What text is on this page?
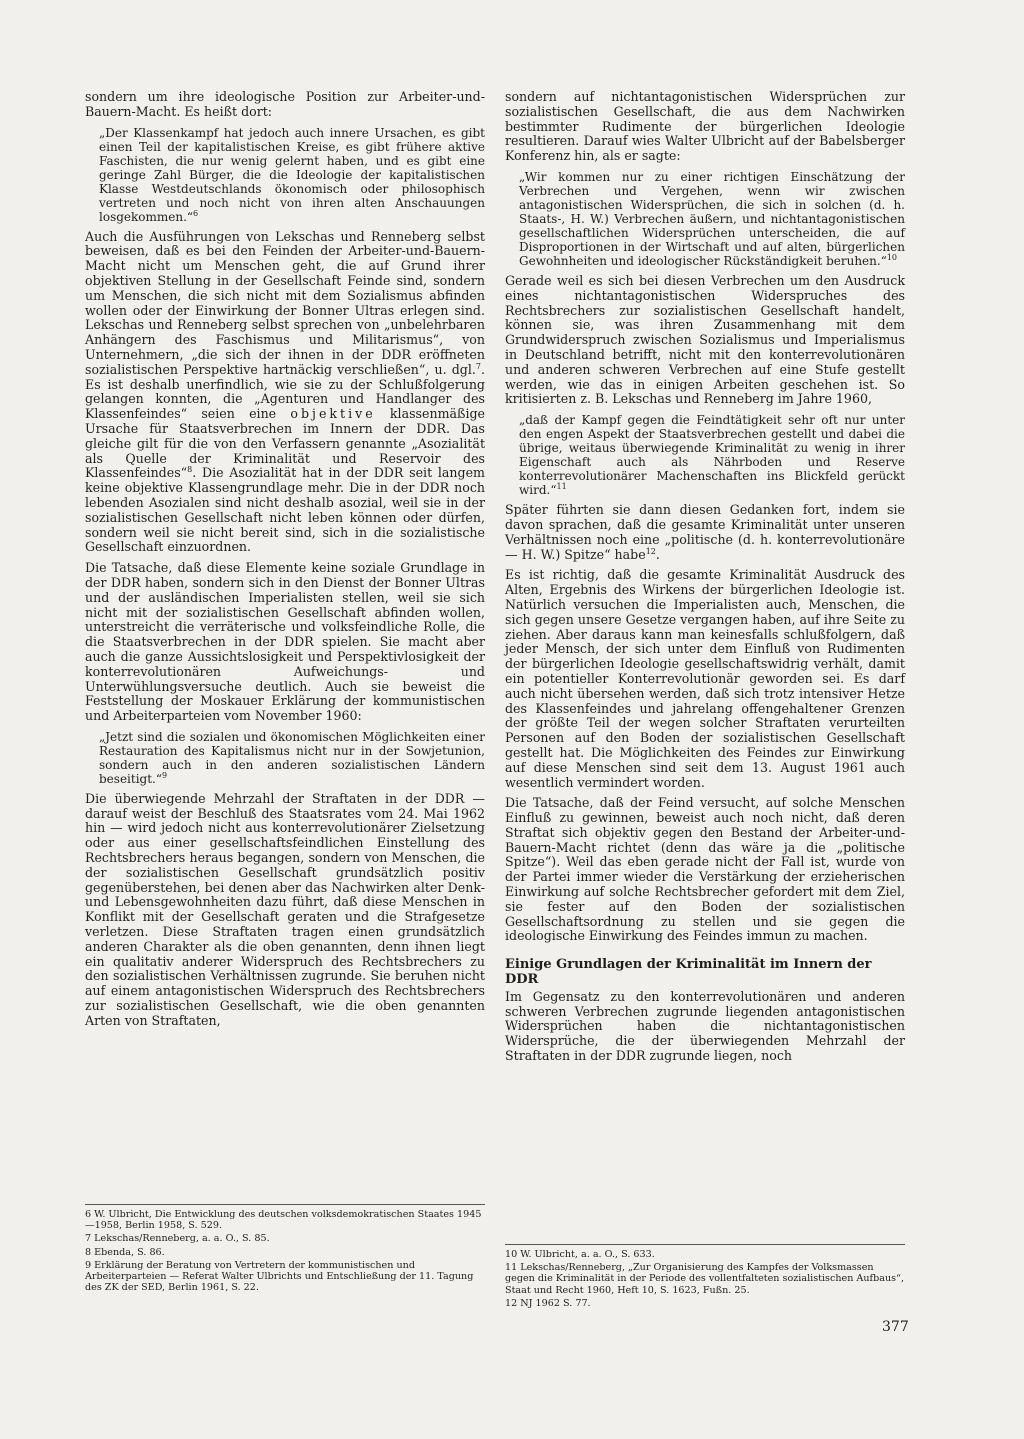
sondern um ihre ideologische Position zur Arbeiter-und-Bauern-Macht. Es heißt dort:

„Der Klassenkampf hat jedoch auch innere Ursachen, es gibt einen Teil der kapitalistischen Kreise, es gibt frühere aktive Faschisten, die nur wenig gelernt haben, und es gibt eine geringe Zahl Bürger, die die Ideologie der kapitalistischen Klasse Westdeutschlands ökonomisch oder philosophisch vertreten und noch nicht von ihren alten Anschauungen losgekommen.“$^6$

Auch die Ausführungen von Lekschas und Renneberg selbst beweisen, daß es bei den Feinden der Arbeiter-und-Bauern-Macht nicht um Menschen geht, die auf Grund ihrer objektiven Stellung in der Gesellschaft Feinde sind, sondern um Menschen, die sich nicht mit dem Sozialismus abfinden wollen oder der Einwirkung der Bonner Ultras erlegen sind. Lekschas und Renneberg selbst sprechen von „unbelehrbaren Anhängern des Faschismus und Militarismus“, von Unternehmern, „die sich der ihnen in der DDR eröffneten sozialistischen Perspektive hartnäckig verschließen“, u. dgl.$^7$. Es ist deshalb unerfindlich, wie sie zu der Schlußfolgerung gelangen konnten, die „Agenturen und Handlanger des Klassenfeindes“ seien eine objektive klassenmäßige Ursache für Staatsverbrechen im Innern der DDR. Das gleiche gilt für die von den Verfassern genannte „Asozialität als Quelle der Kriminalität und Reservoir des Klassenfeindes“$^8$. Die Asozialität hat in der DDR seit langem keine objektive Klassengrundlage mehr. Die in der DDR noch lebenden Asozialen sind nicht deshalb asozial, weil sie in der sozialistischen Gesellschaft nicht leben können oder dürfen, sondern weil sie nicht bereit sind, sich in die sozialistische Gesellschaft einzuordnen.

Die Tatsache, daß diese Elemente keine soziale Grundlage in der DDR haben, sondern sich in den Dienst der Bonner Ultras und der ausländischen Imperialisten stellen, weil sie sich nicht mit der sozialistischen Gesellschaft abfinden wollen, unterstreicht die verräterische und volksfeindliche Rolle, die die Staatsverbrechen in der DDR spielen. Sie macht aber auch die ganze Aussichtslosigkeit und Perspektivlosigkeit der konterrevolutionären Aufweichungs- und Unterwühlungsversuche deutlich. Auch sie beweist die Feststellung der Moskauer Erklärung der kommunistischen und Arbeiterparteien vom November 1960:

„Jetzt sind die sozialen und ökonomischen Möglichkeiten einer Restauration des Kapitalismus nicht nur in der Sowjetunion, sondern auch in den anderen sozialistischen Ländern beseitigt.“$^9$

Die überwiegende Mehrzahl der Straftaten in der DDR — darauf weist der Beschluß des Staatsrates vom 24. Mai 1962 hin — wird jedoch nicht aus konterrevolutionärer Zielsetzung oder aus einer gesellschaftsfeindlichen Einstellung des Rechtsbrechers heraus begangen, sondern von Menschen, die der sozialistischen Gesellschaft grundsätzlich positiv gegenüberstehen, bei denen aber das Nachwirken alter Denk- und Lebensgewohnheiten dazu führt, daß diese Menschen in Konflikt mit der Gesellschaft geraten und die Strafgesetze verletzen. Diese Straftaten tragen einen grundsätzlich anderen Charakter als die oben genannten, denn ihnen liegt ein qualitativ anderer Widerspruch des Rechtsbrechers zu den sozialistischen Verhältnissen zugrunde. Sie beruhen nicht auf einem antagonistischen Widerspruch des Rechtsbrechers zur sozialistischen Gesellschaft, wie die oben genannten Arten von Straftaten,

sondern auf nichtantagonistischen Widersprüchen zur sozialistischen Gesellschaft, die aus dem Nachwirken bestimmter Rudimente der bürgerlichen Ideologie resultieren. Darauf wies Walter Ulbricht auf der Babelsberger Konferenz hin, als er sagte:

„Wir kommen nur zu einer richtigen Einschätzung der Verbrechen und Vergehen, wenn wir zwischen antagonistischen Widersprüchen, die sich in solchen (d. h. Staats-, H. W.) Verbrechen äußern, und nichtantagonistischen gesellschaftlichen Widersprüchen unterscheiden, die auf Disproportionen in der Wirtschaft und auf alten, bürgerlichen Gewohnheiten und ideologischer Rückständigkeit beruhen.“$^{10}$

Gerade weil es sich bei diesen Verbrechen um den Ausdruck eines nichtantagonistischen Widerspruches des Rechtsbrechers zur sozialistischen Gesellschaft handelt, können sie, was ihren Zusammenhang mit dem Grundwiderspruch zwischen Sozialismus und Imperialismus in Deutschland betrifft, nicht mit den konterrevolutionären und anderen schweren Verbrechen auf eine Stufe gestellt werden, wie das in einigen Arbeiten geschehen ist. So kritisierten z. B. Lekschas und Renneberg im Jahre 1960,

„daß der Kampf gegen die Feindtätigkeit sehr oft nur unter den engen Aspekt der Staatsverbrechen gestellt und dabei die übrige, weitaus überwiegende Kriminalität zu wenig in ihrer Eigenschaft auch als Nährboden und Reserve konterrevolutionärer Machenschaften ins Blickfeld gerückt wird.“$^{11}$

Später führten sie dann diesen Gedanken fort, indem sie davon sprachen, daß die gesamte Kriminalität unter unseren Verhältnissen noch eine „politische (d. h. konterrevolutionäre — H. W.) Spitze“ habe$^{12}$.

Es ist richtig, daß die gesamte Kriminalität Ausdruck des Alten, Ergebnis des Wirkens der bürgerlichen Ideologie ist. Natürlich versuchen die Imperialisten auch, Menschen, die sich gegen unsere Gesetze vergangen haben, auf ihre Seite zu ziehen. Aber daraus kann man keinesfalls schlußfolgern, daß jeder Mensch, der sich unter dem Einfluß von Rudimenten der bürgerlichen Ideologie gesellschaftswidrig verhält, damit ein potentieller Konterrevolutionär geworden sei. Es darf auch nicht übersehen werden, daß sich trotz intensiver Hetze des Klassenfeindes und jahrelang offengehaltener Grenzen der größte Teil der wegen solcher Straftaten verurteilten Personen auf den Boden der sozialistischen Gesellschaft gestellt hat. Die Möglichkeiten des Feindes zur Einwirkung auf diese Menschen sind seit dem 13. August 1961 auch wesentlich vermindert worden.

Die Tatsache, daß der Feind versucht, auf solche Menschen Einfluß zu gewinnen, beweist auch noch nicht, daß deren Straftat sich objektiv gegen den Bestand der Arbeiter-und-Bauern-Macht richtet (denn das wäre ja die „politische Spitze“). Weil das eben gerade nicht der Fall ist, wurde von der Partei immer wieder die Verstärkung der erzieherischen Einwirkung auf solche Rechtsbrecher gefordert mit dem Ziel, sie fester auf den Boden der sozialistischen Gesellschaftsordnung zu stellen und sie gegen die ideologische Einwirkung des Feindes immun zu machen.

Einige Grundlagen der Kriminalität im Innern der DDR

Im Gegensatz zu den konterrevolutionären und anderen schweren Verbrechen zugrunde liegenden antagonistischen Widersprüchen haben die nichtantagonistischen Widersprüche, die der überwiegenden Mehrzahl der Straftaten in der DDR zugrunde liegen, noch

6 W. Ulbricht, Die Entwicklung des deutschen volksdemokratischen Staates 1945—1958, Berlin 1958, S. 529.

7 Lekschas/Renneberg, a. a. O., S. 85.

8 Ebenda, S. 86.

9 Erklärung der Beratung von Vertretern der kommunistischen und Arbeiterparteien — Referat Walter Ulbrichts und Entschließung der 11. Tagung des ZK der SED, Berlin 1961, S. 22.

10 W. Ulbricht, a. a. O., S. 633.

11 Lekschas/Renneberg, „Zur Organisierung des Kampfes der Volksmassen gegen die Kriminalität in der Periode des vollentfalteten sozialistischen Aufbaus“, Staat und Recht 1960, Heft 10, S. 1623, Fußn. 25.

12 NJ 1962 S. 77.

377
